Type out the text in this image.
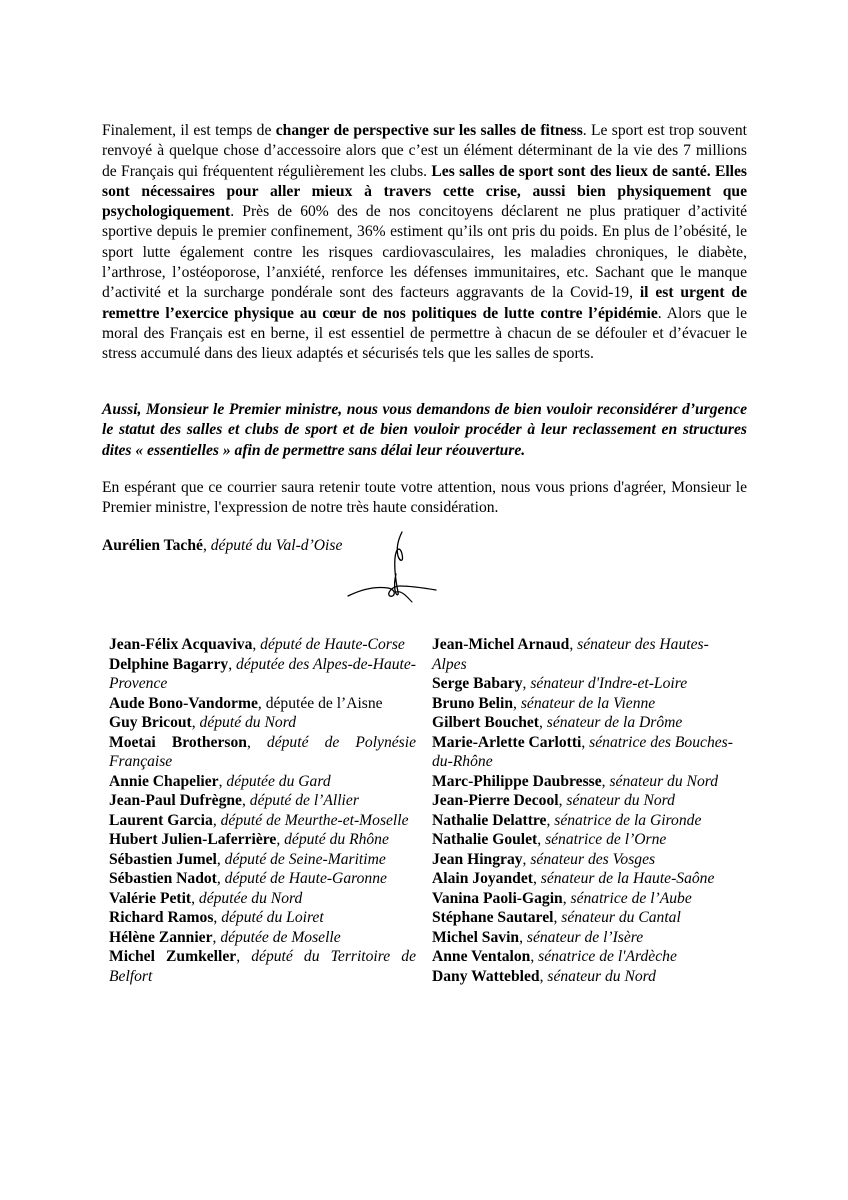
Finalement, il est temps de changer de perspective sur les salles de fitness. Le sport est trop souvent renvoyé à quelque chose d’accessoire alors que c’est un élément déterminant de la vie des 7 millions de Français qui fréquentent régulièrement les clubs. Les salles de sport sont des lieux de santé. Elles sont nécessaires pour aller mieux à travers cette crise, aussi bien physiquement que psychologiquement. Près de 60% des de nos concitoyens déclarent ne plus pratiquer d’activité sportive depuis le premier confinement, 36% estiment qu’ils ont pris du poids. En plus de l’obésité, le sport lutte également contre les risques cardiovasculaires, les maladies chroniques, le diabète, l’arthrose, l’ostéoporose, l’anxiété, renforce les défenses immunitaires, etc. Sachant que le manque d’activité et la surcharge pondérale sont des facteurs aggravants de la Covid-19, il est urgent de remettre l’exercice physique au cœur de nos politiques de lutte contre l’épidémie. Alors que le moral des Français est en berne, il est essentiel de permettre à chacun de se défouler et d’évacuer le stress accumulé dans des lieux adaptés et sécurisés tels que les salles de sports.

Aussi, Monsieur le Premier ministre, nous vous demandons de bien vouloir reconsidérer d’urgence le statut des salles et clubs de sport et de bien vouloir procéder à leur reclassement en structures dites « essentielles » afin de permettre sans délai leur réouverture.

En espérant que ce courrier saura retenir toute votre attention, nous vous prions d'agréer, Monsieur le Premier ministre, l'expression de notre très haute considération.

Aurélien Taché, député du Val-d’Oise

Jean-Félix Acquaviva, député de Haute-Corse
Delphine Bagarry, députée des Alpes-de-Haute-Provence
Aude Bono-Vandorme, députée de l’Aisne
Guy Bricout, député du Nord
Moetai Brotherson, député de Polynésie Française
Annie Chapelier, députée du Gard
Jean-Paul Dufrègne, député de l’Allier
Laurent Garcia, député de Meurthe-et-Moselle
Hubert Julien-Laferrière, député du Rhône
Sébastien Jumel, député de Seine-Maritime
Sébastien Nadot, député de Haute-Garonne
Valérie Petit, députée du Nord
Richard Ramos, député du Loiret
Hélène Zannier, députée de Moselle
Michel Zumkeller, député du Territoire de Belfort
Jean-Michel Arnaud, sénateur des Hautes-Alpes
Serge Babary, sénateur d'Indre-et-Loire
Bruno Belin, sénateur de la Vienne
Gilbert Bouchet, sénateur de la Drôme
Marie-Arlette Carlotti, sénatrice des Bouches-du-Rhône
Marc-Philippe Daubresse, sénateur du Nord
Jean-Pierre Decool, sénateur du Nord
Nathalie Delattre, sénatrice de la Gironde
Nathalie Goulet, sénatrice de l’Orne
Jean Hingray, sénateur des Vosges
Alain Joyandet, sénateur de la Haute-Saône
Vanina Paoli-Gagin, sénatrice de l’Aube
Stéphane Sautarel, sénateur du Cantal
Michel Savin, sénateur de l’Isère
Anne Ventalon, sénatrice de l'Ardèche
Dany Wattebled, sénateur du Nord
